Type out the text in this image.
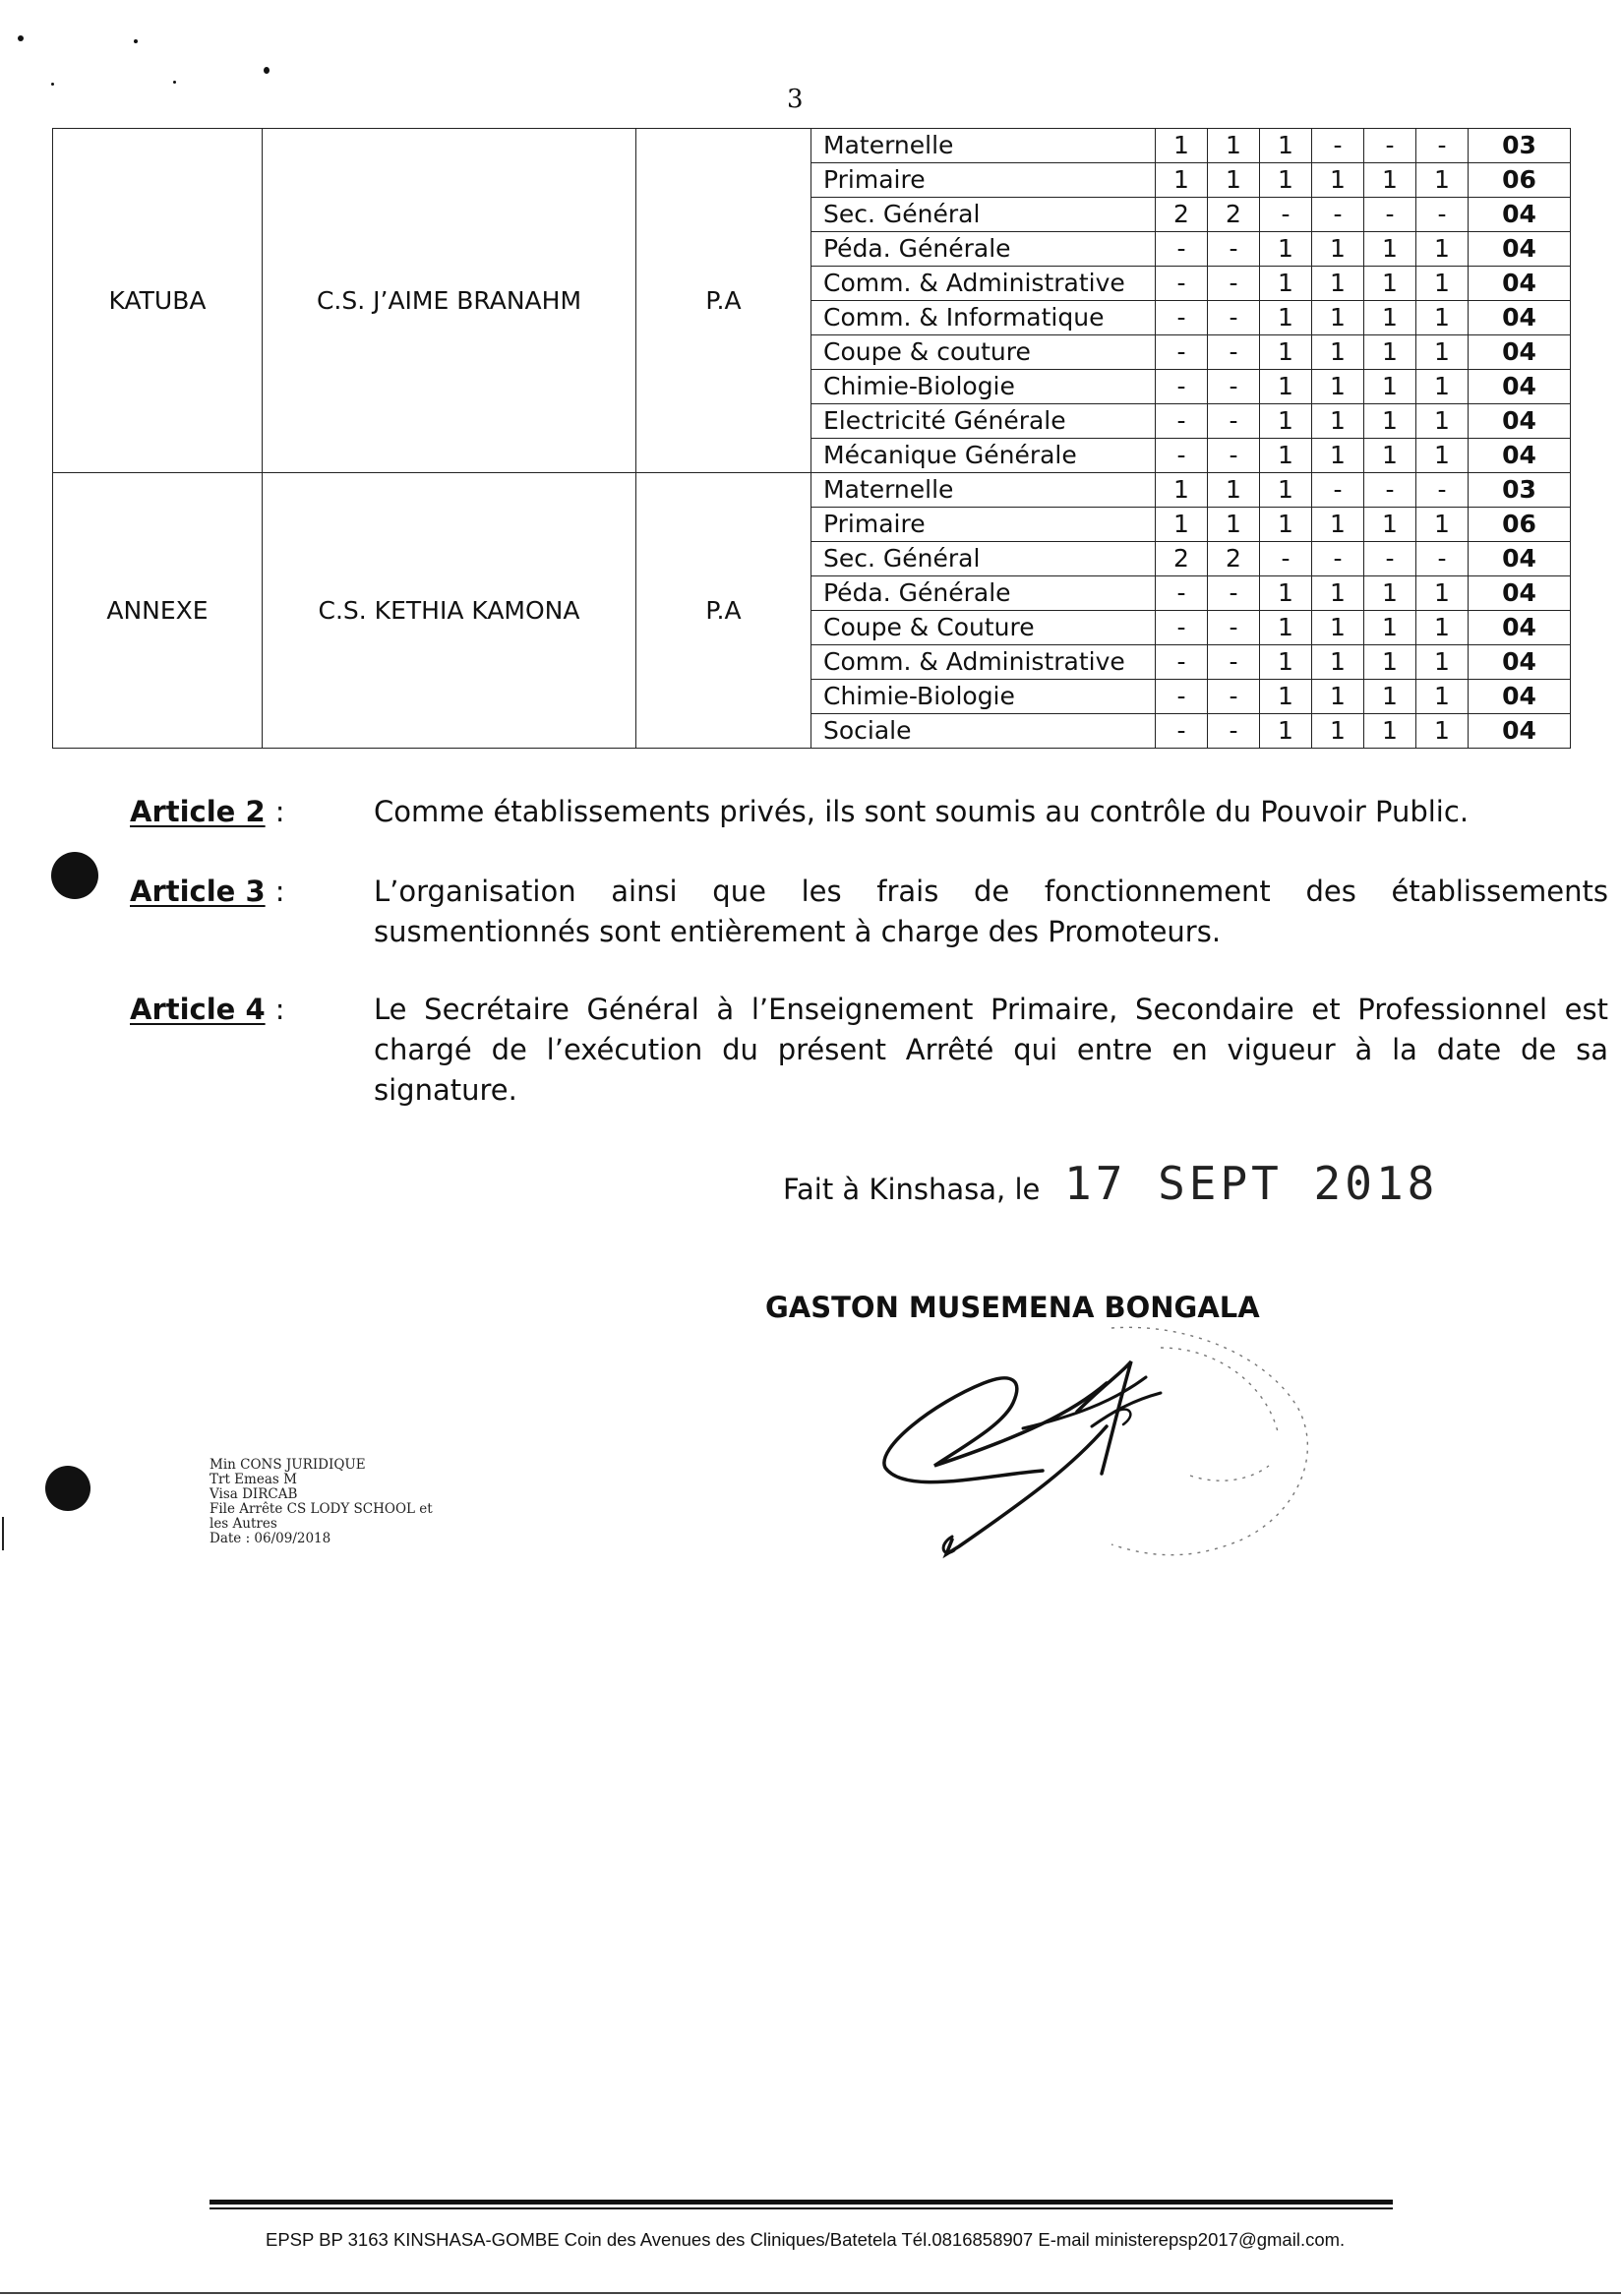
3
KATUBA	C.S. J’AIME BRANAHM	P.A	Maternelle	1	1	1	-	-	-	03
			Primaire	1	1	1	1	1	1	06
			Sec. Général	2	2	-	-	-	-	04
			Péda. Générale	-	-	1	1	1	1	04
			Comm. & Administrative	-	-	1	1	1	1	04
			Comm. & Informatique	-	-	1	1	1	1	04
			Coupe & couture	-	-	1	1	1	1	04
			Chimie-Biologie	-	-	1	1	1	1	04
			Electricité Générale	-	-	1	1	1	1	04
			Mécanique Générale	-	-	1	1	1	1	04
ANNEXE	C.S. KETHIA KAMONA	P.A	Maternelle	1	1	1	-	-	-	03
			Primaire	1	1	1	1	1	1	06
			Sec. Général	2	2	-	-	-	-	04
			Péda. Générale	-	-	1	1	1	1	04
			Coupe & Couture	-	-	1	1	1	1	04
			Comm. & Administrative	-	-	1	1	1	1	04
			Chimie-Biologie	-	-	1	1	1	1	04
			Sociale	-	-	1	1	1	1	04
Article 2 :	Comme établissements privés, ils sont soumis au contrôle du Pouvoir Public.
Article 3 :	L’organisation ainsi que les frais de fonctionnement des établissements susmentionnés sont entièrement à charge des Promoteurs.
Article 4 :	Le Secrétaire Général à l’Enseignement Primaire, Secondaire et Professionnel est chargé de l’exécution du présent Arrêté qui entre en vigueur à la date de sa signature.
Fait à Kinshasa, le 17 SEPT 2018
GASTON MUSEMENA BONGALA
Min CONS JURIDIQUE
Trt Emeas M
Visa DIRCAB
File Arrête CS LODY SCHOOL et
les Autres
Date : 06/09/2018
EPSP BP 3163 KINSHASA-GOMBE Coin des Avenues des Cliniques/Batetela Tél.0816858907 E-mail ministerepsp2017@gmail.com.
